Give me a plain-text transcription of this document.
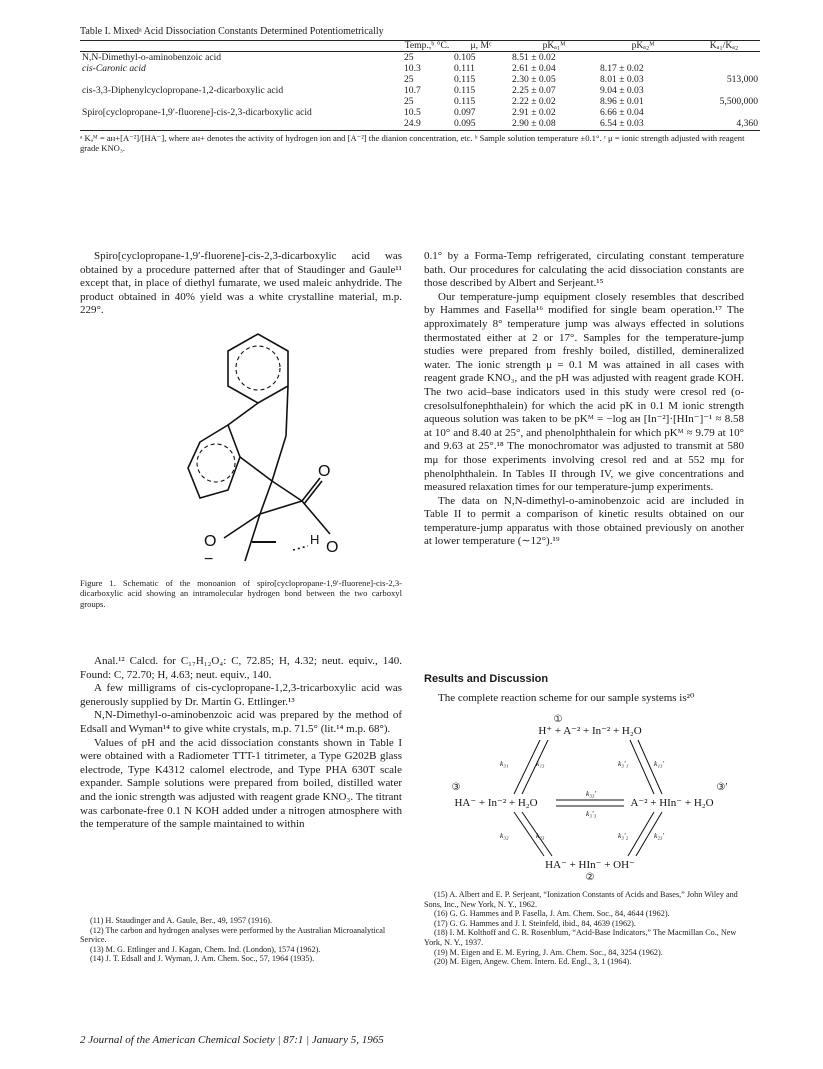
Table I. Mixedᵃ Acid Dissociation Constants Determined Potentiometrically
	Temp.,ᵇ °C.	μ, Mᶜ	pKₐ₁ᴹ	pKₐ₂ᴹ	Kₐ₁/Kₐ₂

N,N-Dimethyl-o-aminobenzoic acid	25	0.105	8.51 ± 0.02		
cis-Caronic acid	10.3	0.111	2.61 ± 0.04	8.17 ± 0.02	
	25	0.115	2.30 ± 0.05	8.01 ± 0.03	513,000
cis-3,3-Diphenylcyclopropane-1,2-dicarboxylic acid	10.7	0.115	2.25 ± 0.07	9.04 ± 0.03	
	25	0.115	2.22 ± 0.02	8.96 ± 0.01	5,500,000
Spiro[cyclopropane-1,9′-fluorene]-cis-2,3-dicarboxylic acid	10.5	0.097	2.91 ± 0.02	6.66 ± 0.04	
	24.9	0.095	2.90 ± 0.08	6.54 ± 0.03	4,360
ᵃ Kₐᴹ = aʜ+[A⁻²]/[HA⁻], where aʜ+ denotes the activity of hydrogen ion and [A⁻²] the dianion concentration, etc. ᵇ Sample solution temperature ±0.1°. ᶜ μ = ionic strength adjusted with reagent grade KNO₃.

Spiro[cyclopropane-1,9′-fluorene]-cis-2,3-dicarboxylic acid was obtained by a procedure patterned after that of Staudinger and Gaule¹¹ except that, in place of diethyl fumarate, we used maleic anhydride. The product obtained in 40% yield was a white crystalline material, m.p. 229°.

O
O	O
H
−
Figure 1. Schematic of the monoanion of spiro[cyclopropane-1,9′-fluorene]-cis-2,3-dicarboxylic acid showing an intramolecular hydrogen bond between the two carboxyl groups.

Anal.¹² Calcd. for C₁₇H₁₂O₄: C, 72.85; H, 4.32; neut. equiv., 140. Found: C, 72.70; H, 4.63; neut. equiv., 140.

A few milligrams of cis-cyclopropane-1,2,3-tricarboxylic acid was generously supplied by Dr. Martin G. Ettlinger.¹³

N,N-Dimethyl-o-aminobenzoic acid was prepared by the method of Edsall and Wyman¹⁴ to give white crystals, m.p. 71.5° (lit.¹⁴ m.p. 68°).

Values of pH and the acid dissociation constants shown in Table I were obtained with a Radiometer TTT-1 titrimeter, a Type G202B glass electrode, Type K4312 calomel electrode, and Type PHA 630T scale expander. Sample solutions were prepared from boiled, distilled water and the ionic strength was adjusted with reagent grade KNO₃. The titrant was carbonate-free 0.1 N KOH added under a nitrogen atmosphere with the temperature of the sample maintained to within

(11) H. Staudinger and A. Gaule, Ber., 49, 1957 (1916).
(12) The carbon and hydrogen analyses were performed by the Australian Microanalytical Service.
(13) M. G. Ettlinger and J. Kagan, Chem. Ind. (London), 1574 (1962).
(14) J. T. Edsall and J. Wyman, J. Am. Chem. Soc., 57, 1964 (1935).

0.1° by a Forma-Temp refrigerated, circulating constant temperature bath. Our procedures for calculating the acid dissociation constants are those described by Albert and Serjeant.¹⁵

Our temperature-jump equipment closely resembles that described by Hammes and Fasella¹⁶ modified for single beam operation.¹⁷ The approximately 8° temperature jump was always effected in solutions thermostated either at 2 or 17°. Samples for the temperature-jump studies were prepared from freshly boiled, distilled, demineralized water. The ionic strength μ = 0.1 M was attained in all cases with reagent grade KNO₃, and the pH was adjusted with reagent grade KOH. The two acid–base indicators used in this study were cresol red (o-cresolsulfonephthalein) for which the acid pK in 0.1 M ionic strength aqueous solution was taken to be pKᴹ = −log aʜ [In⁻²]·[HIn⁻]⁻¹ ≈ 8.58 at 10° and 8.40 at 25°, and phenolphthalein for which pKᴹ ≈ 9.79 at 10° and 9.63 at 25°.¹⁸ The monochromator was adjusted to transmit at 580 mμ for those experiments involving cresol red and at 552 mμ for phenolphthalein. In Tables II through IV, we give concentrations and measured relaxation times for our temperature-jump experiments.

The data on N,N-dimethyl-o-aminobenzoic acid are included in Table II to permit a comparison of kinetic results obtained on our temperature-jump apparatus with those obtained previously on another at lower temperature (∼12°).¹⁹

Results and Discussion

The complete reaction scheme for our sample systems is²⁰

①
H⁺ + A⁻² + In⁻² + H₂O
③
HA⁻ + In⁻² + H₂O
③′
A⁻² + HIn⁻ + H₂O
HA⁻ + HIn⁻ + OH⁻
②
k₃₁	k₁₃	k₃′₁	k₁₃′
k₃₃′
k₃′₃
k₃₂	k₂₃	k₃′₂	k₂₃′
(15) A. Albert and E. P. Serjeant, “Ionization Constants of Acids and Bases,” John Wiley and Sons, Inc., New York, N. Y., 1962.
(16) G. G. Hammes and P. Fasella, J. Am. Chem. Soc., 84, 4644 (1962).
(17) G. G. Hammes and J. I. Steinfeld, ibid., 84, 4639 (1962).
(18) I. M. Kolthoff and C. R. Rosenblum, “Acid-Base Indicators,” The Macmillan Co., New York, N. Y., 1937.
(19) M. Eigen and E. M. Eyring, J. Am. Chem. Soc., 84, 3254 (1962).
(20) M. Eigen, Angew. Chem. Intern. Ed. Engl., 3, 1 (1964).
2 Journal of the American Chemical Society | 87:1 | January 5, 1965
